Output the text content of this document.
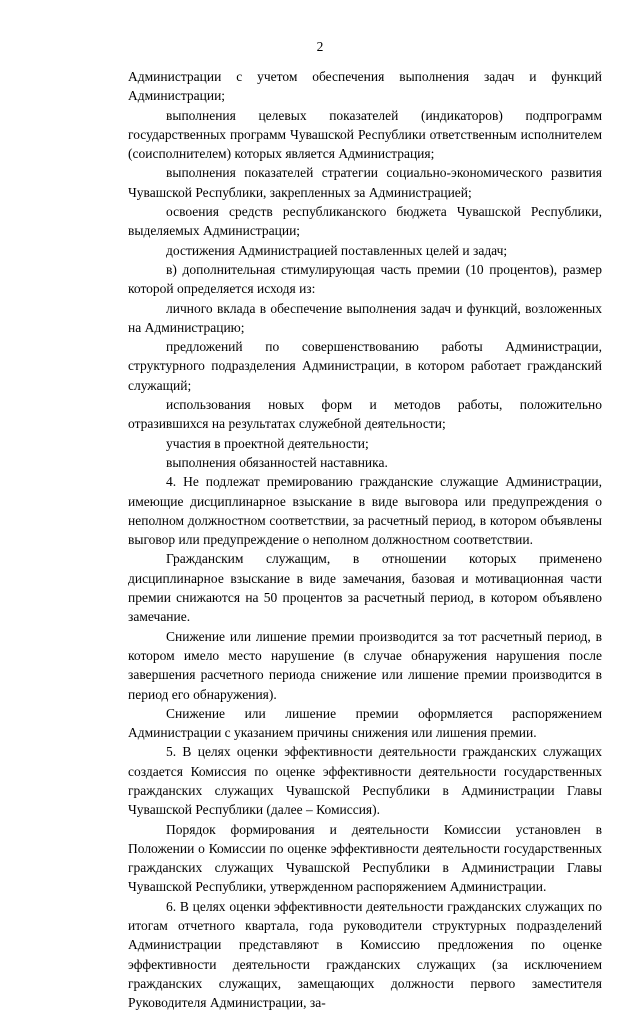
2

Администрации с учетом обеспечения выполнения задач и функций Администрации;

выполнения целевых показателей (индикаторов) подпрограмм государственных программ Чувашской Республики ответственным исполнителем (соисполнителем) которых является Администрация;

выполнения показателей стратегии социально-экономического развития Чувашской Республики, закрепленных за Администрацией;

освоения средств республиканского бюджета Чувашской Республики, выделяемых Администрации;

достижения Администрацией поставленных целей и задач;

в) дополнительная стимулирующая часть премии (10 процентов), размер которой определяется исходя из:

личного вклада в обеспечение выполнения задач и функций, возложенных на Администрацию;

предложений по совершенствованию работы Администрации, структурного подразделения Администрации, в котором работает гражданский служащий;

использования новых форм и методов работы, положительно отразившихся на результатах служебной деятельности;

участия в проектной деятельности;

выполнения обязанностей наставника.

4. Не подлежат премированию гражданские служащие Администрации, имеющие дисциплинарное взыскание в виде выговора или предупреждения о неполном должностном соответствии, за расчетный период, в котором объявлены выговор или предупреждение о неполном должностном соответствии.

Гражданским служащим, в отношении которых применено дисциплинарное взыскание в виде замечания, базовая и мотивационная части премии снижаются на 50 процентов за расчетный период, в котором объявлено замечание.

Снижение или лишение премии производится за тот расчетный период, в котором имело место нарушение (в случае обнаружения нарушения после завершения расчетного периода снижение или лишение премии производится в период его обнаружения).

Снижение или лишение премии оформляется распоряжением Администрации с указанием причины снижения или лишения премии.

5. В целях оценки эффективности деятельности гражданских служащих создается Комиссия по оценке эффективности деятельности государственных гражданских служащих Чувашской Республики в Администрации Главы Чувашской Республики (далее – Комиссия).

Порядок формирования и деятельности Комиссии установлен в Положении о Комиссии по оценке эффективности деятельности государственных гражданских служащих Чувашской Республики в Администрации Главы Чувашской Республики, утвержденном распоряжением Администрации.

6. В целях оценки эффективности деятельности гражданских служащих по итогам отчетного квартала, года руководители структурных подразделений Администрации представляют в Комиссию предложения по оценке эффективности деятельности гражданских служащих (за исключением гражданских служащих, замещающих должности первого заместителя Руководителя Администрации, за-
